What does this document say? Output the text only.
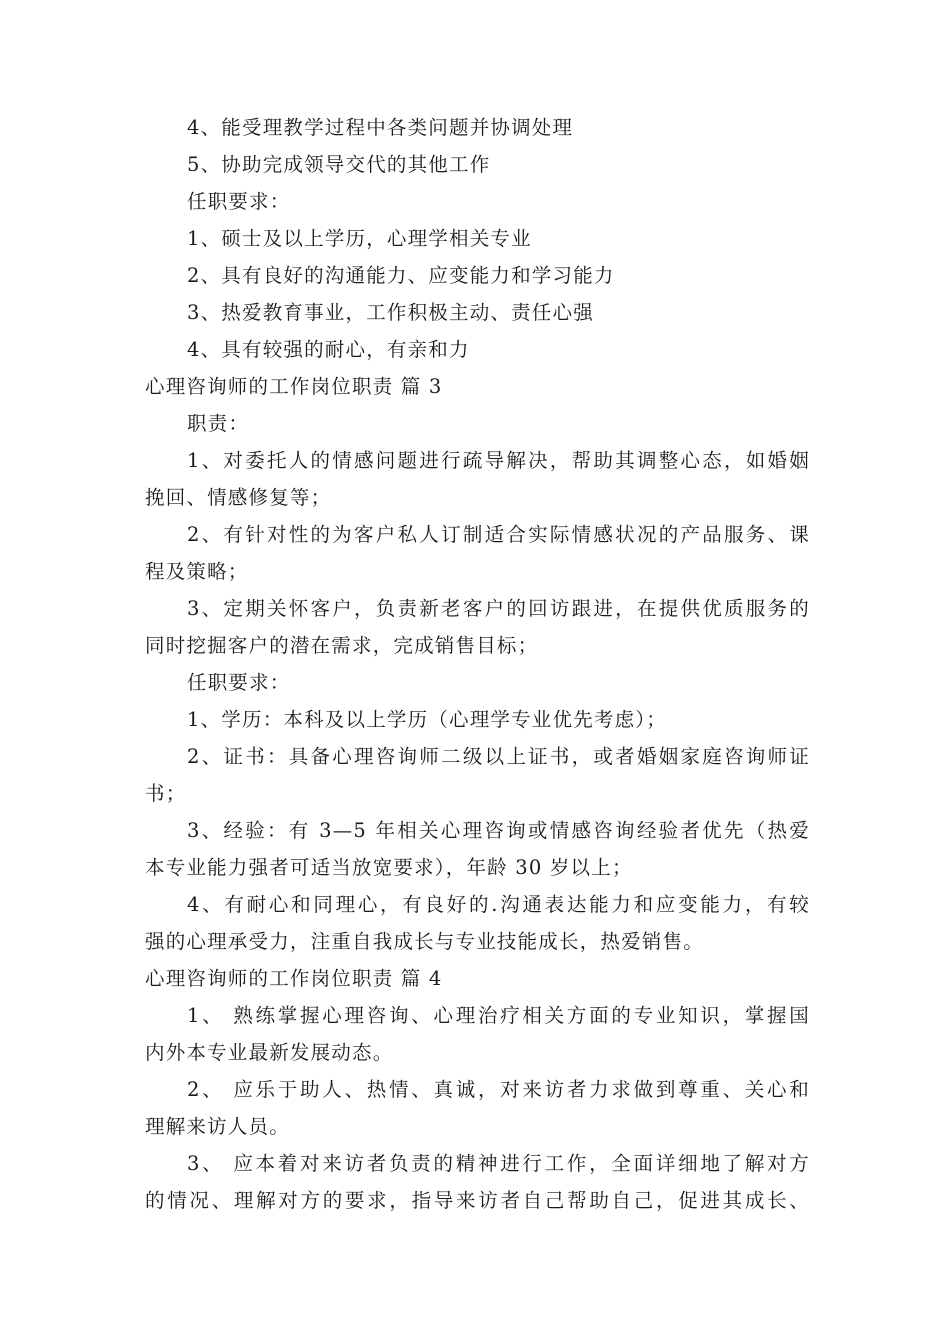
4、能受理教学过程中各类问题并协调处理
5、协助完成领导交代的其他工作
任职要求：
1、硕士及以上学历，心理学相关专业
2、具有良好的沟通能力、应变能力和学习能力
3、热爱教育事业，工作积极主动、责任心强
4、具有较强的耐心，有亲和力
心理咨询师的工作岗位职责 篇 3
职责：
1、对委托人的情感问题进行疏导解决，帮助其调整心态，如婚姻
挽回、情感修复等；
2、有针对性的为客户私人订制适合实际情感状况的产品服务、课
程及策略；
3、定期关怀客户，负责新老客户的回访跟进，在提供优质服务的
同时挖掘客户的潜在需求，完成销售目标；
任职要求：
1、学历：本科及以上学历（心理学专业优先考虑）；
2、证书：具备心理咨询师二级以上证书，或者婚姻家庭咨询师证
书；
3、经验：有 3—5 年相关心理咨询或情感咨询经验者优先（热爱
本专业能力强者可适当放宽要求），年龄 30 岁以上；
4、有耐心和同理心，有良好的.沟通表达能力和应变能力，有较
强的心理承受力，注重自我成长与专业技能成长，热爱销售。
心理咨询师的工作岗位职责 篇 4
1、 熟练掌握心理咨询、心理治疗相关方面的专业知识，掌握国
内外本专业最新发展动态。
2、 应乐于助人、热情、真诚，对来访者力求做到尊重、关心和
理解来访人员。
3、 应本着对来访者负责的精神进行工作，全面详细地了解对方
的情况、理解对方的要求，指导来访者自己帮助自己，促进其成长、
